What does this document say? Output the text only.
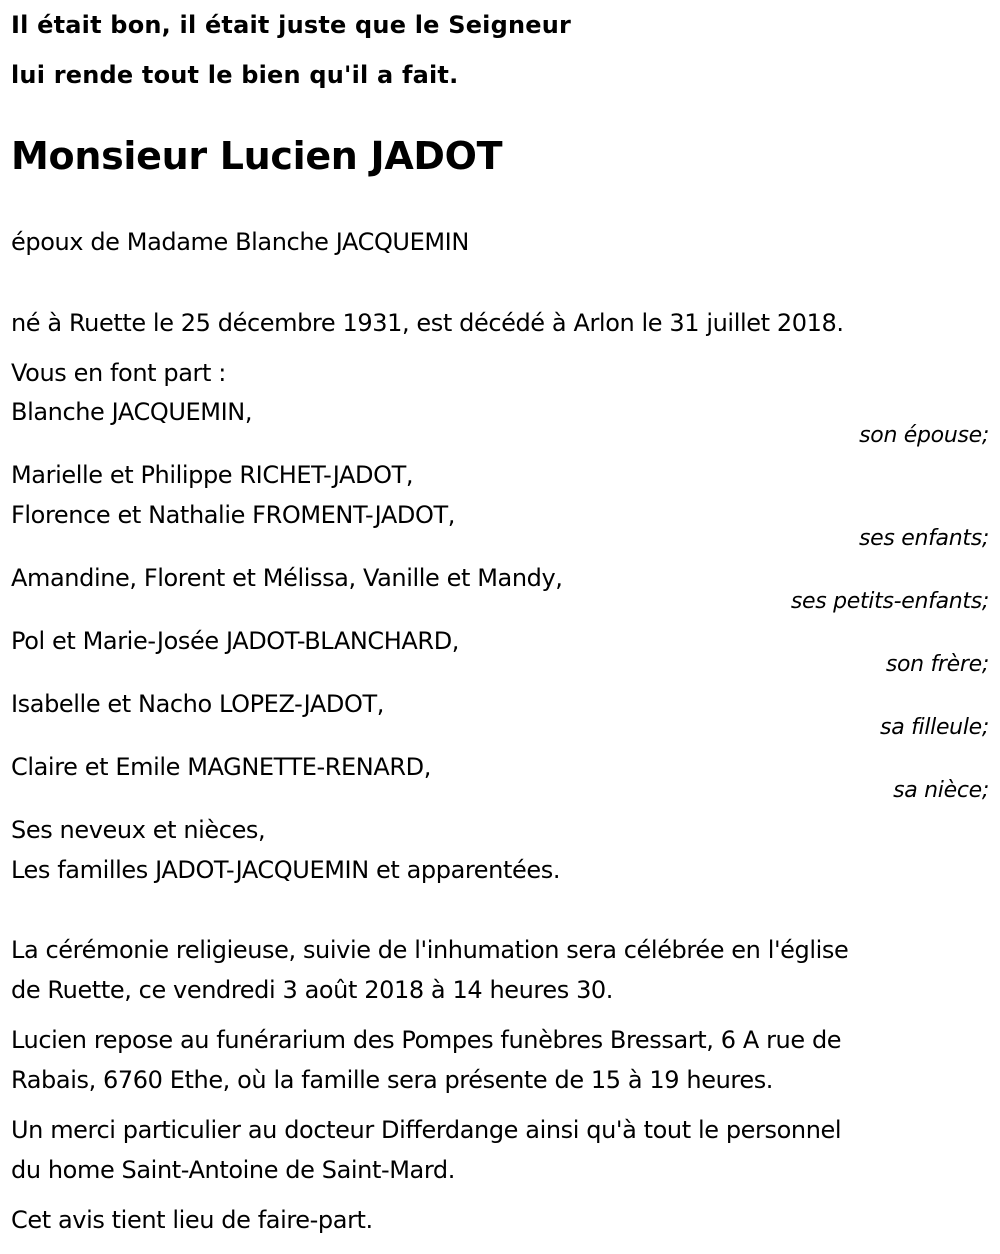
Il était bon, il était juste que le Seigneur
lui rende tout le bien qu'il a fait.
Monsieur Lucien JADOT
époux de Madame Blanche JACQUEMIN
né à Ruette le 25 décembre 1931, est décédé à Arlon le 31 juillet 2018.
Vous en font part :
Blanche JACQUEMIN,
son épouse;
Marielle et Philippe RICHET-JADOT,
Florence et Nathalie FROMENT-JADOT,
ses enfants;
Amandine, Florent et Mélissa, Vanille et Mandy,
ses petits-enfants;
Pol et Marie-Josée JADOT-BLANCHARD,
son frère;
Isabelle et Nacho LOPEZ-JADOT,
sa filleule;
Claire et Emile MAGNETTE-RENARD,
sa nièce;
Ses neveux et nièces,
Les familles JADOT-JACQUEMIN et apparentées.
La cérémonie religieuse, suivie de l'inhumation sera célébrée en l'église
de Ruette, ce vendredi 3 août 2018 à 14 heures 30.
Lucien repose au funérarium des Pompes funèbres Bressart, 6 A rue de
Rabais, 6760 Ethe, où la famille sera présente de 15 à 19 heures.
Un merci particulier au docteur Differdange ainsi qu'à tout le personnel
du home Saint-Antoine de Saint-Mard.
Cet avis tient lieu de faire-part.
